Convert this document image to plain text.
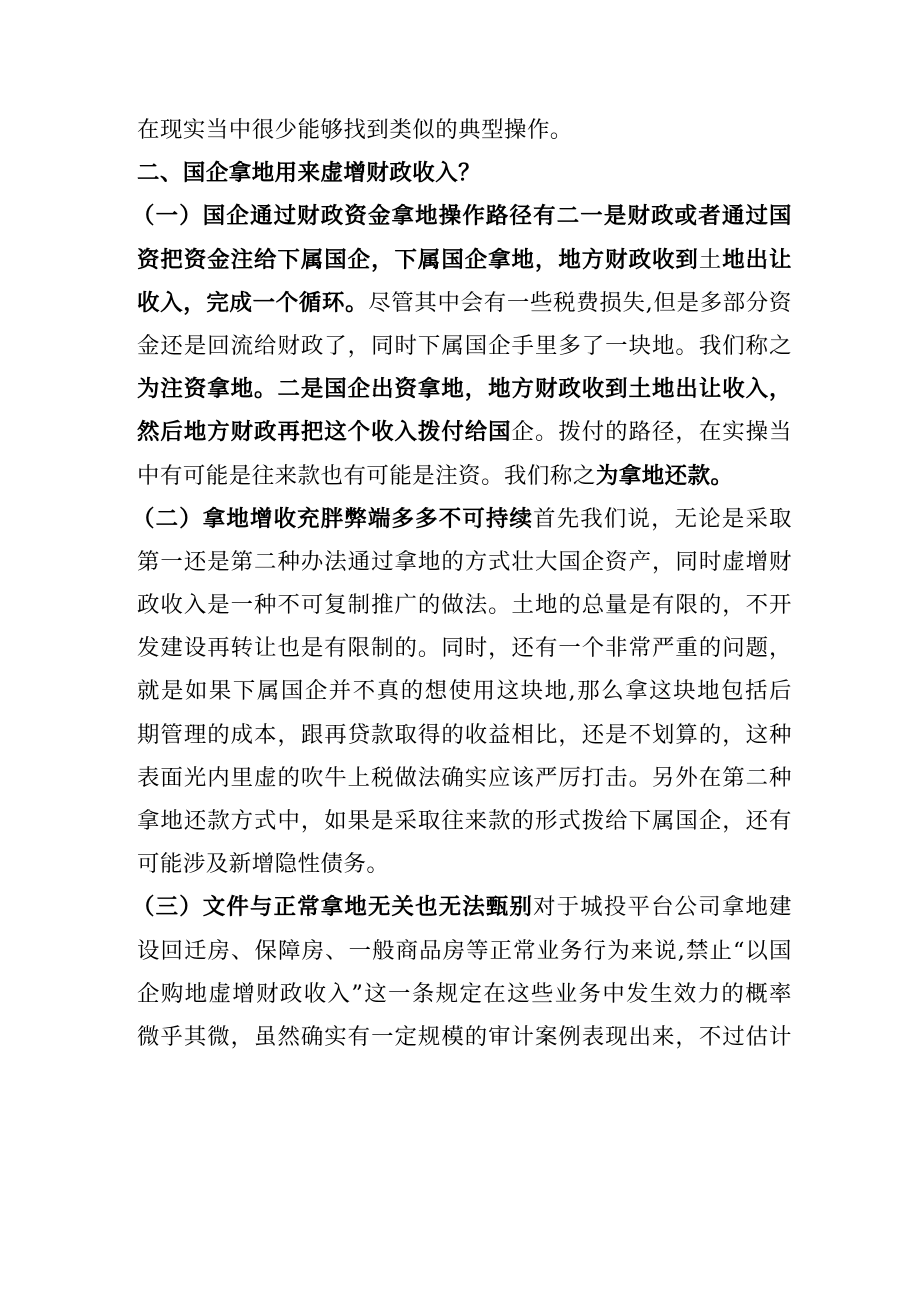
在现实当中很少能够找到类似的典型操作。
二、国企拿地用来虚增财政收入？
（一）国企通过财政资金拿地操作路径有二一是财政或者通过国
资把资金注给下属国企，下属国企拿地，地方财政收到土地出让
收入，完成一个循环。尽管其中会有一些税费损失,但是多部分资
金还是回流给财政了，同时下属国企手里多了一块地。我们称之
为注资拿地。二是国企出资拿地，地方财政收到土地出让收入，
然后地方财政再把这个收入拨付给国企。拨付的路径，在实操当
中有可能是往来款也有可能是注资。我们称之为拿地还款。
（二）拿地增收充胖弊端多多不可持续首先我们说，无论是采取
第一还是第二种办法通过拿地的方式壮大国企资产，同时虚增财
政收入是一种不可复制推广的做法。土地的总量是有限的，不开
发建设再转让也是有限制的。同时，还有一个非常严重的问题，
就是如果下属国企并不真的想使用这块地,那么拿这块地包括后
期管理的成本，跟再贷款取得的收益相比，还是不划算的，这种
表面光内里虚的吹牛上税做法确实应该严厉打击。另外在第二种
拿地还款方式中，如果是采取往来款的形式拨给下属国企，还有
可能涉及新增隐性债务。
（三）文件与正常拿地无关也无法甄别对于城投平台公司拿地建
设回迁房、保障房、一般商品房等正常业务行为来说,禁止“以国
企购地虚增财政收入”这一条规定在这些业务中发生效力的概率
微乎其微，虽然确实有一定规模的审计案例表现出来，不过估计
